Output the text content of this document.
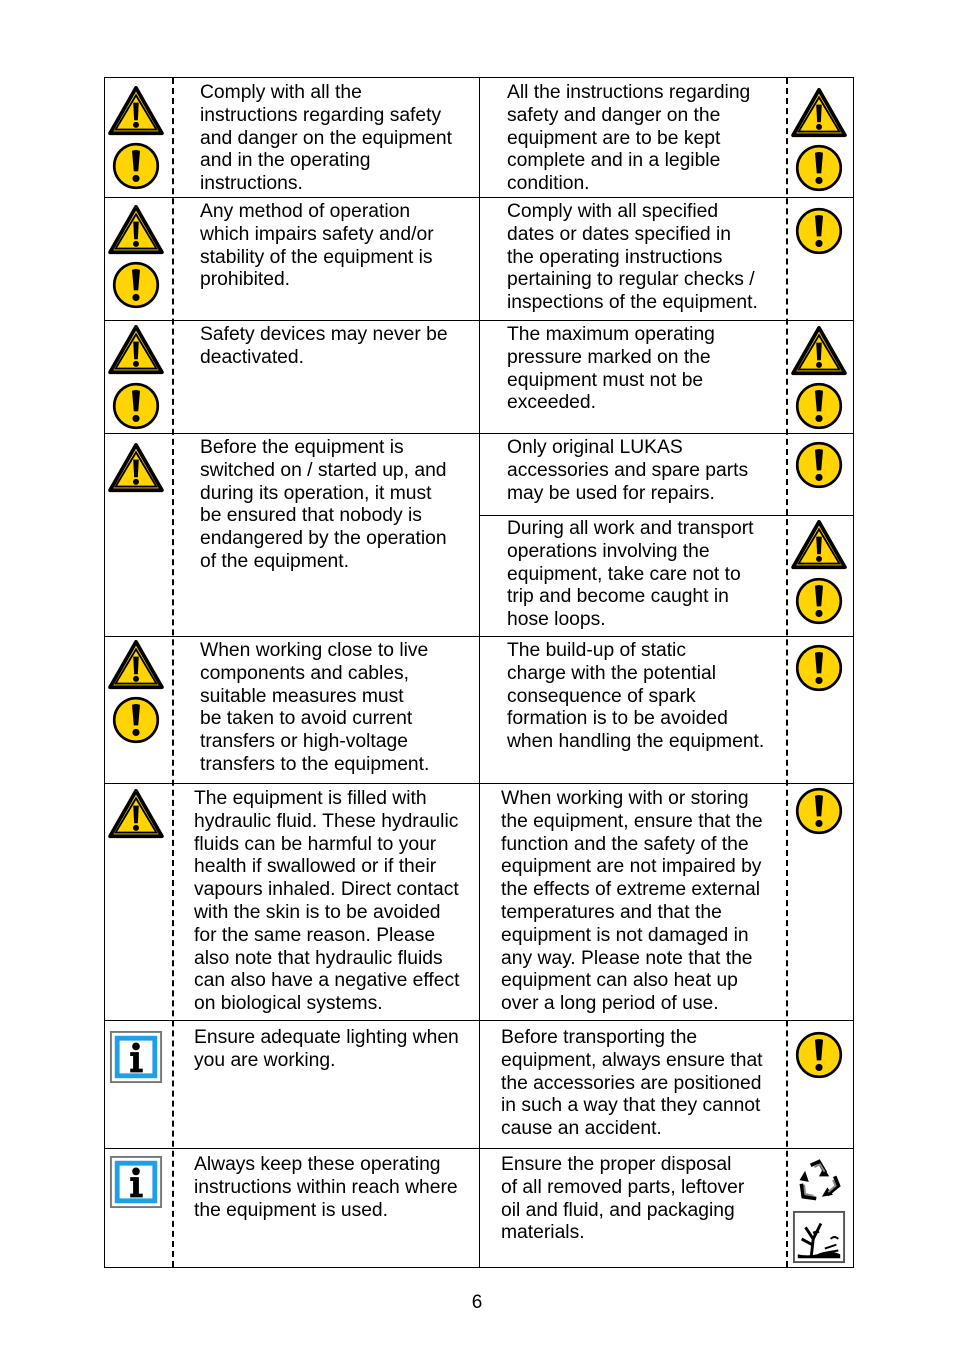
Comply with all the
instructions regarding safety
and danger on the equipment
and in the operating
instructions.
All the instructions regarding
safety and danger on the
equipment are to be kept
complete and in a legible
condition.
Any method of operation
which impairs safety and/or
stability of the equipment is
prohibited.
Comply with all specified
dates or dates specified in
the operating instructions
pertaining to regular checks /
inspections of the equipment.
Safety devices may never be
deactivated.
The maximum operating
pressure marked on the
equipment must not be
exceeded.
Before the equipment is
switched on / started up, and
during its operation, it must
be ensured that nobody is
endangered by the operation
of the equipment.
Only original LUKAS
accessories and spare parts
may be used for repairs.
During all work and transport
operations involving the
equipment, take care not to
trip and become caught in
hose loops.
When working close to live
components and cables,
suitable measures must
be taken to avoid current
transfers or high-voltage
transfers to the equipment.
The build-up of static
charge with the potential
consequence of spark
formation is to be avoided
when handling the equipment.
The equipment is filled with
hydraulic fluid. These hydraulic
fluids can be harmful to your
health if swallowed or if their
vapours inhaled. Direct contact
with the skin is to be avoided
for the same reason. Please
also note that hydraulic fluids
can also have a negative effect
on biological systems.
When working with or storing
the equipment, ensure that the
function and the safety of the
equipment are not impaired by
the effects of extreme external
temperatures and that the
equipment is not damaged in
any way. Please note that the
equipment can also heat up
over a long period of use.
Ensure adequate lighting when
you are working.
Before transporting the
equipment, always ensure that
the accessories are positioned
in such a way that they cannot
cause an accident.
Always keep these operating
instructions within reach where
the equipment is used.
Ensure the proper disposal
of all removed parts, leftover
oil and fluid, and packaging
materials.
6
